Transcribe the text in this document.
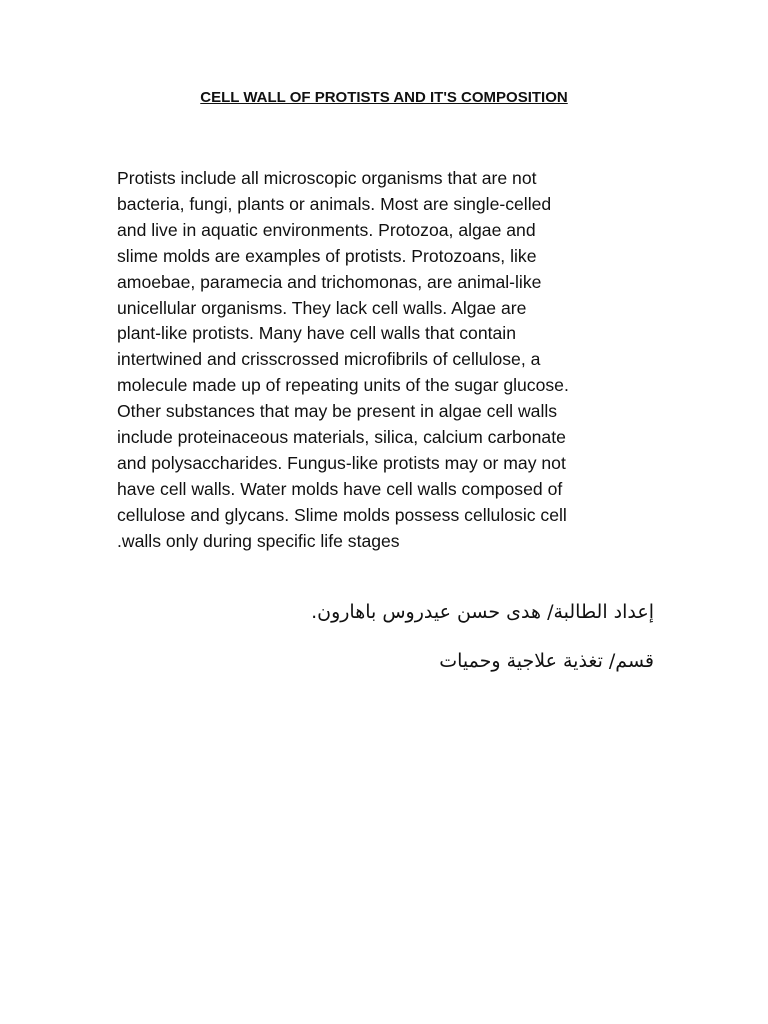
CELL WALL OF PROTISTS AND IT'S COMPOSITION

Protists include all microscopic organisms that are not
bacteria, fungi, plants or animals. Most are single-celled
and live in aquatic environments. Protozoa, algae and
slime molds are examples of protists. Protozoans, like
amoebae, paramecia and trichomonas, are animal-like
unicellular organisms. They lack cell walls. Algae are
plant-like protists. Many have cell walls that contain
intertwined and crisscrossed microfibrils of cellulose, a
molecule made up of repeating units of the sugar glucose.
Other substances that may be present in algae cell walls
include proteinaceous materials, silica, calcium carbonate
and polysaccharides. Fungus-like protists may or may not
have cell walls. Water molds have cell walls composed of
cellulose and glycans. Slime molds possess cellulosic cell
.walls only during specific life stages

إعداد الطالبة/ هدى حسن عيدروس باهارون.

قسم/ تغذية علاجية وحميات
